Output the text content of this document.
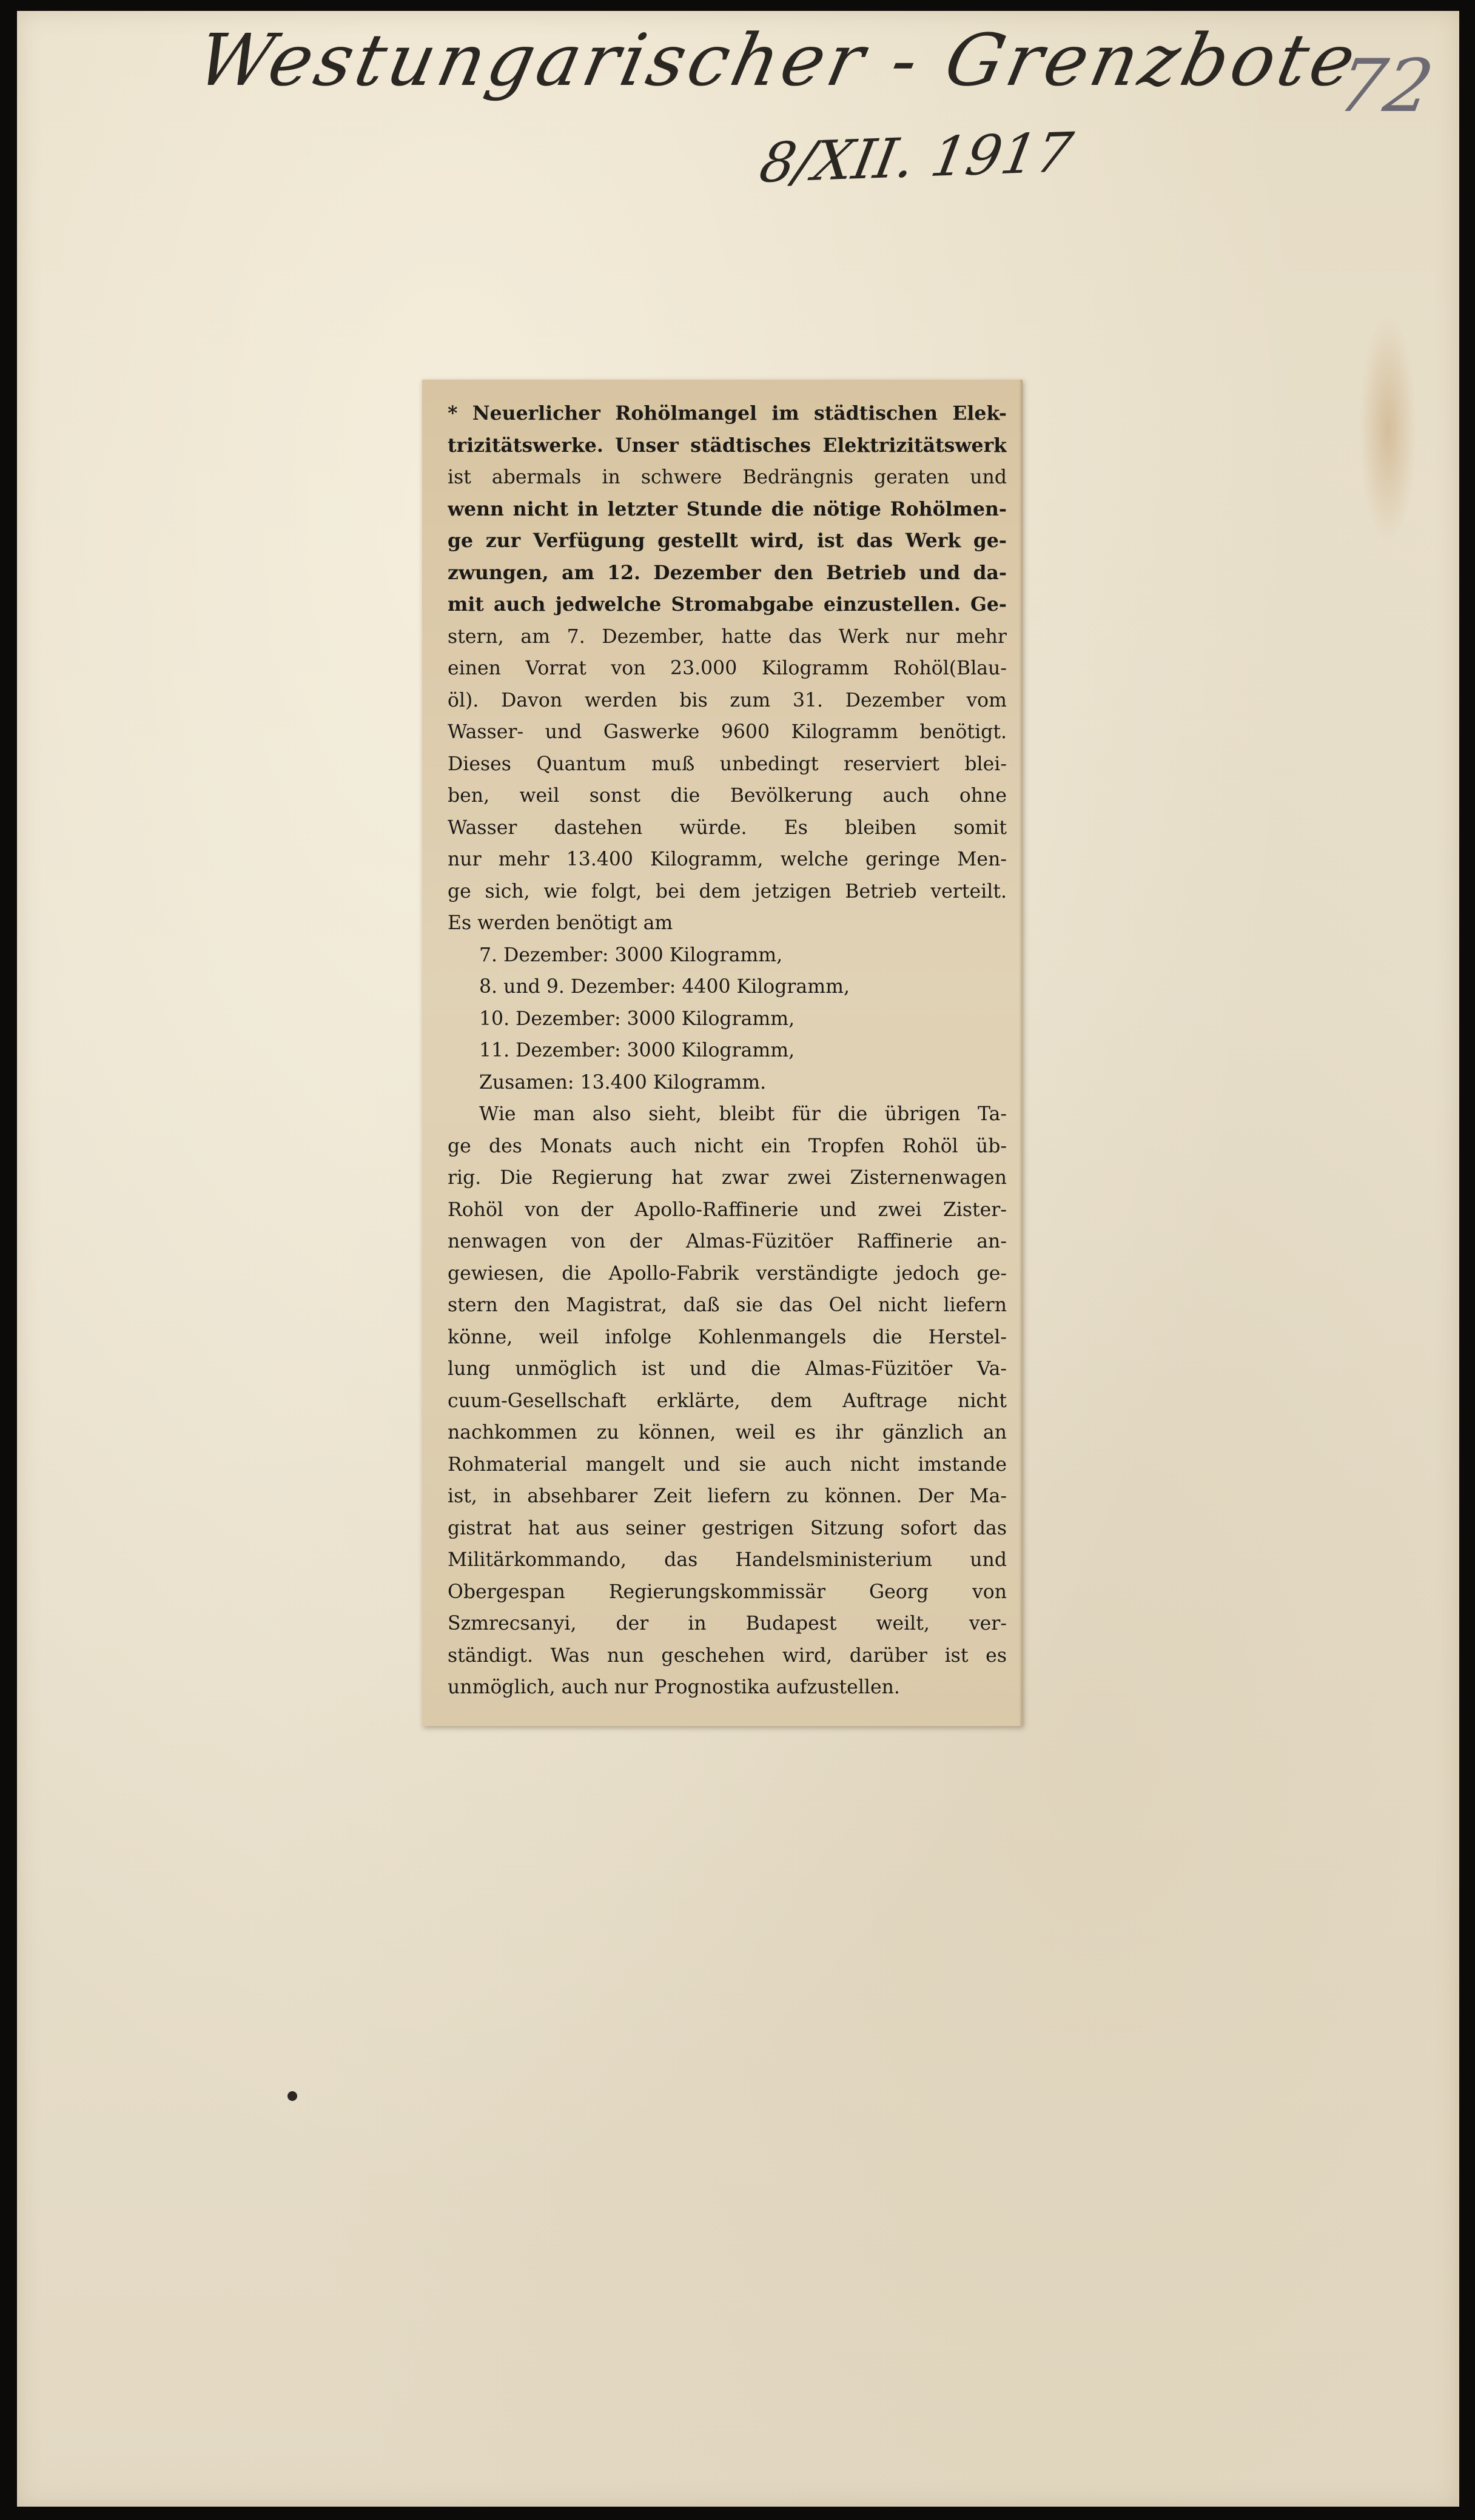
Westungarischer - Grenzbote
8/XII. 1917
72
* Neuerlicher Rohölmangel im städtischen Elek-
trizitätswerke. Unser städtisches Elektrizitätswerk
ist abermals in schwere Bedrängnis geraten und
wenn nicht in letzter Stunde die nötige Rohölmen-
ge zur Verfügung gestellt wird, ist das Werk ge-
zwungen, am 12. Dezember den Betrieb und da-
mit auch jedwelche Stromabgabe einzustellen. Ge-
stern, am 7. Dezember, hatte das Werk nur mehr
einen Vorrat von 23.000 Kilogramm Rohöl(Blau-
öl). Davon werden bis zum 31. Dezember vom
Wasser- und Gaswerke 9600 Kilogramm benötigt.
Dieses Quantum muß unbedingt reserviert blei-
ben, weil sonst die Bevölkerung auch ohne
Wasser dastehen würde. Es bleiben somit
nur mehr 13.400 Kilogramm, welche geringe Men-
ge sich, wie folgt, bei dem jetzigen Betrieb verteilt.
Es werden benötigt am
7. Dezember: 3000 Kilogramm,
8. und 9. Dezember: 4400 Kilogramm,
10. Dezember: 3000 Kilogramm,
11. Dezember: 3000 Kilogramm,
Zusamen: 13.400 Kilogramm.
Wie man also sieht, bleibt für die übrigen Ta-
ge des Monats auch nicht ein Tropfen Rohöl üb-
rig. Die Regierung hat zwar zwei Zisternenwagen
Rohöl von der Apollo-Raffinerie und zwei Zister-
nenwagen von der Almas-Füzitöer Raffinerie an-
gewiesen, die Apollo-Fabrik verständigte jedoch ge-
stern den Magistrat, daß sie das Oel nicht liefern
könne, weil infolge Kohlenmangels die Herstel-
lung unmöglich ist und die Almas-Füzitöer Va-
cuum-Gesellschaft erklärte, dem Auftrage nicht
nachkommen zu können, weil es ihr gänzlich an
Rohmaterial mangelt und sie auch nicht imstande
ist, in absehbarer Zeit liefern zu können. Der Ma-
gistrat hat aus seiner gestrigen Sitzung sofort das
Militärkommando, das Handelsministerium und
Obergespan Regierungskommissär Georg von
Szmrecsanyi, der in Budapest weilt, ver-
ständigt. Was nun geschehen wird, darüber ist es
unmöglich, auch nur Prognostika aufzustellen.
